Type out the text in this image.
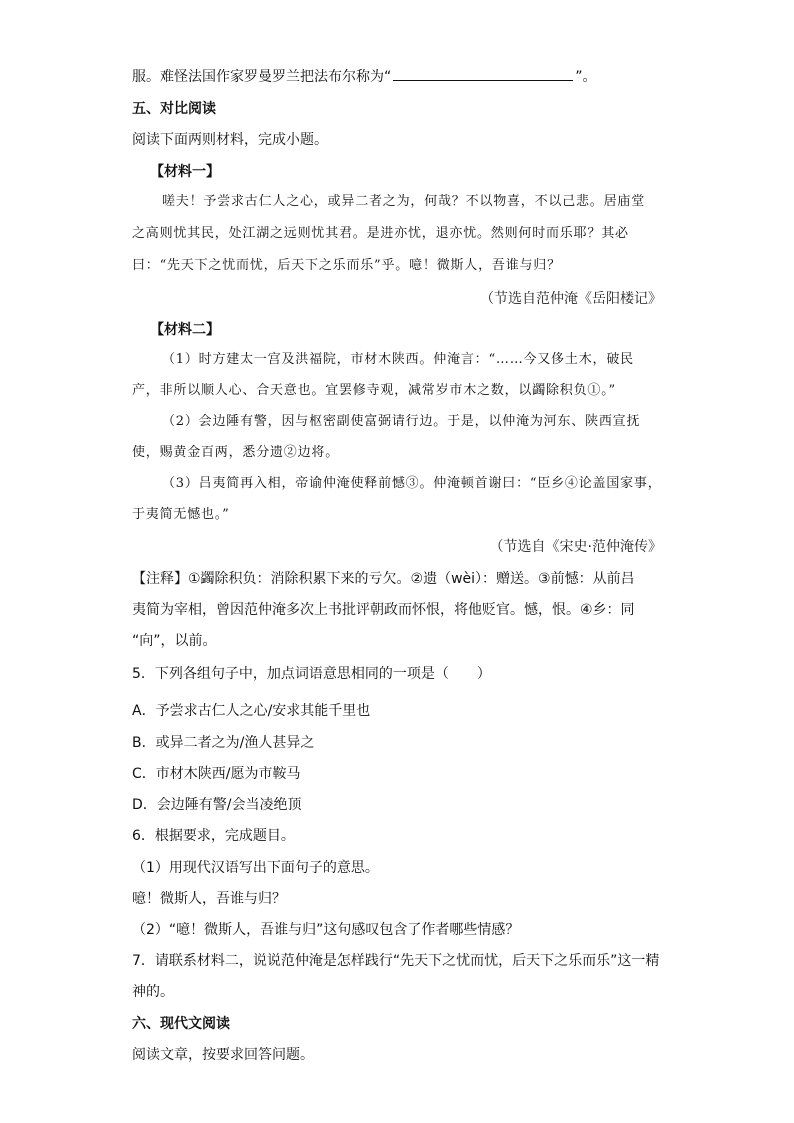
服。难怪法国作家罗曼罗兰把法布尔称为“	”。
五、对比阅读
阅读下面两则材料，完成小题。
【材料一】
嗟夫！予尝求古仁人之心，或异二者之为，何哉？不以物喜，不以己悲。居庙堂
之高则忧其民，处江湖之远则忧其君。是进亦忧，退亦忧。然则何时而乐耶？其必
曰：“先天下之忧而忧，后天下之乐而乐”乎。噫！微斯人，吾谁与归？
（节选自范仲淹《岳阳楼记》
【材料二】
（1）时方建太一宫及洪福院，市材木陕西。仲淹言：“……今又侈土木，破民
产，非所以顺人心、合天意也。宜罢修寺观，减常岁市木之数，以蠲除积负①。”
（2）会边陲有警，因与枢密副使富弼请行边。于是，以仲淹为河东、陕西宣抚
使，赐黄金百两，悉分遗②边将。
（3）吕夷简再入相，帝谕仲淹使释前憾③。仲淹顿首谢曰：“臣乡④论盖国家事，
于夷简无憾也。”
（节选自《宋史·范仲淹传》
【注释】①蠲除积负：消除积累下来的亏欠。②遗（wèi）：赠送。③前憾：从前吕
夷简为宰相，曾因范仲淹多次上书批评朝政而怀恨，将他贬官。憾，恨。④乡：同
“向”，以前。
5．下列各组句子中，加点词语意思相同的一项是（　　）
A．予尝求古仁人之心/安求其能千里也
B．或异二者之为/渔人甚异之
C．市材木陕西/愿为市鞍马
D．会边陲有警/会当凌绝顶
6．根据要求，完成题目。
（1）用现代汉语写出下面句子的意思。
噫！微斯人，吾谁与归？
（2）“噫！微斯人，吾谁与归”这句感叹包含了作者哪些情感？
7．请联系材料二，说说范仲淹是怎样践行“先天下之忧而忧，后天下之乐而乐”这一精
神的。
六、现代文阅读
阅读文章，按要求回答问题。
